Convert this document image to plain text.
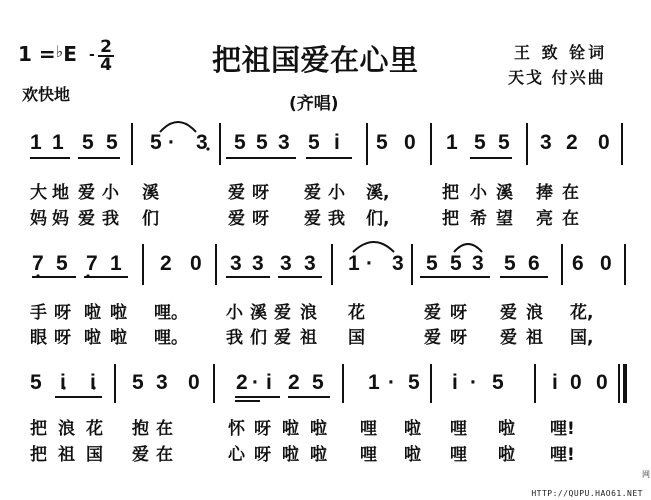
1 =♭E 2
4
-	把祖国爱在心里
欢快地	(齐唱)
王 致 铨词
天戈 付兴曲
1 1 5 5 5 · 3 5 5 3 5 i 5 0 1 5 5 3 2 0
大 地 爱 小 溪	爱 呀 爱 小 溪,	把 小 溪 捧 在
妈 妈 爱 我 们	爱 呀 爱 我 们,	把 希 望 亮 在
7 5 7 1 2 0 3 3 3 3 1 · 3 5 5 3 5 6 6 0
手 呀 啦 啦 哩。 小 溪 爱 浪 花	爱 呀 爱 浪 花,
眼 呀 啦 啦 哩。 我 们 爱 祖 国	爱 呀 爱 祖 国,
5 i i 5 3 0 2 · i 2 5 1 · 5 i · 5 i 0 0
把 浪 花 抱 在	怀 呀 啦 啦 哩 啦 哩 啦 哩!
把 祖 国 爱 在	心 呀 啦 啦 哩 啦 哩 啦 哩!
HTTP://QUPU.HAO61.NET
网
